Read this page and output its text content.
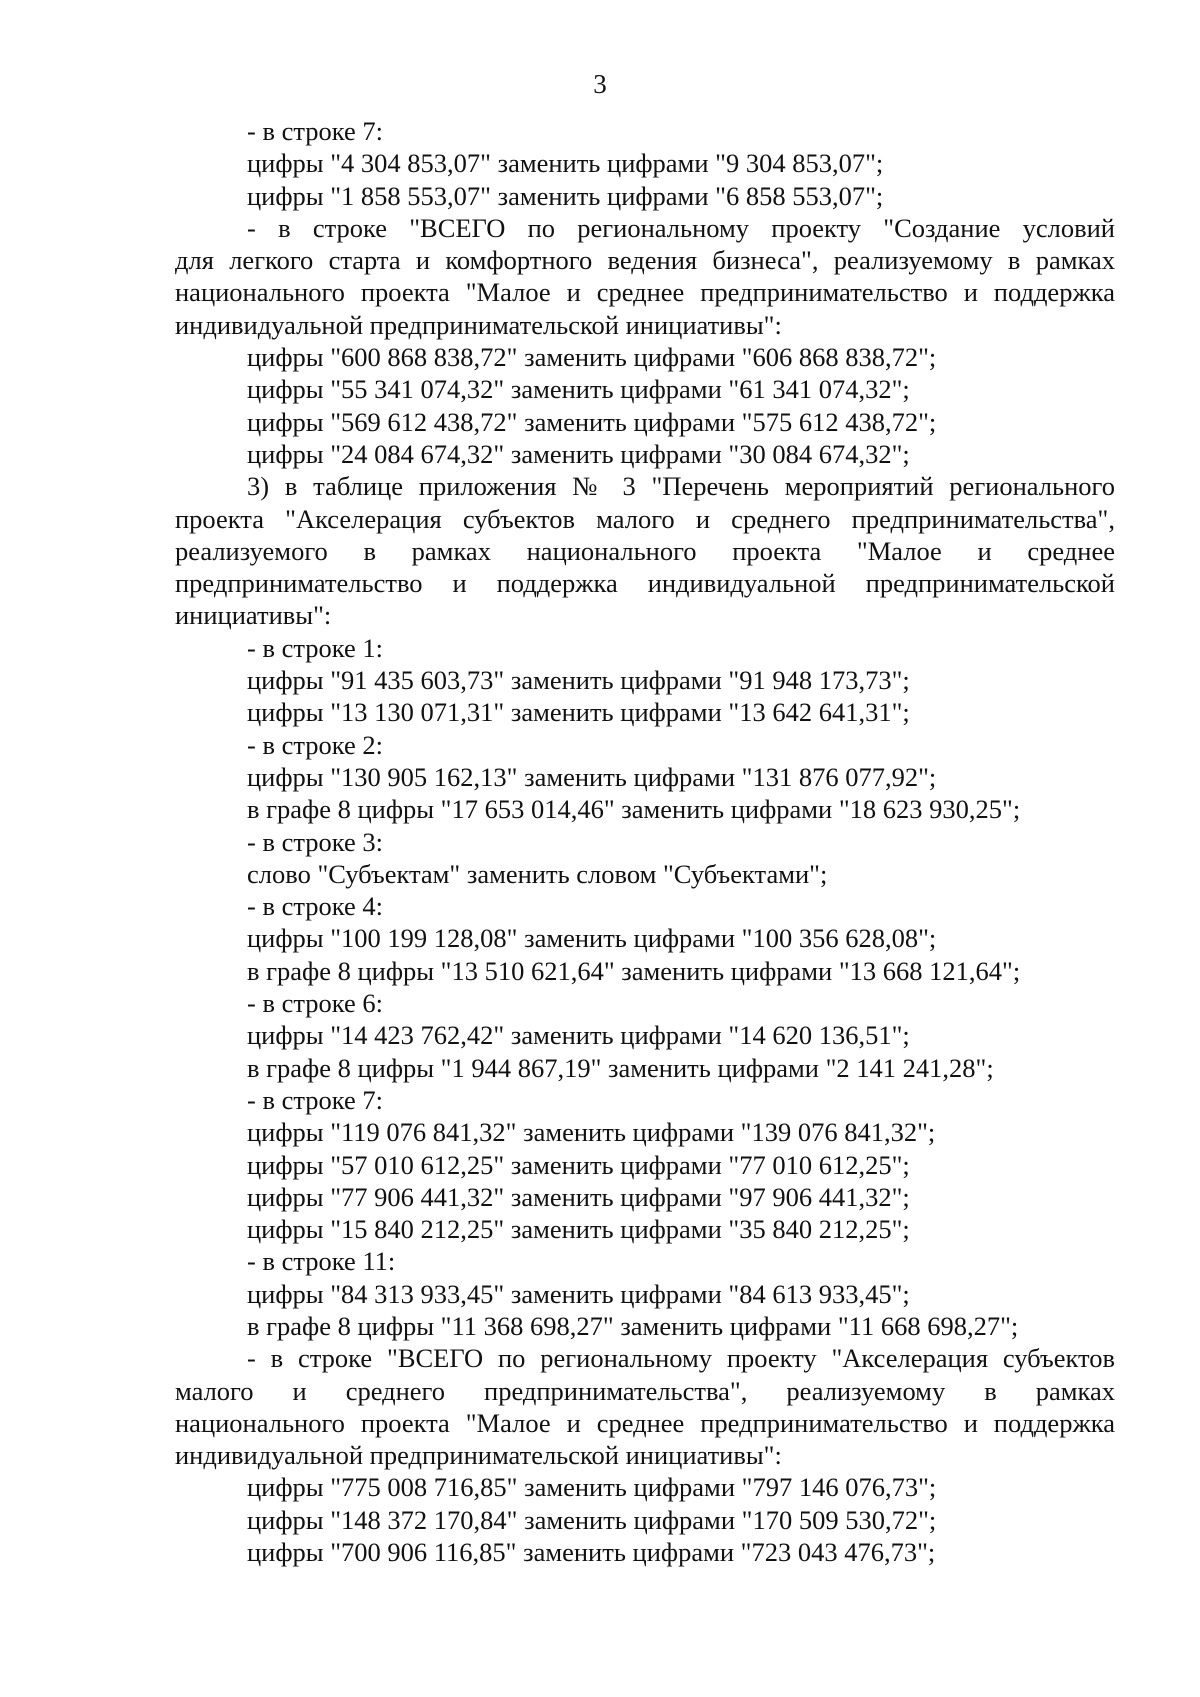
3
- в строке 7:
цифры "4 304 853,07" заменить цифрами "9 304 853,07";
цифры "1 858 553,07" заменить цифрами "6 858 553,07";
- в строке "ВСЕГО по региональному проекту "Создание условий
для легкого старта и комфортного ведения бизнеса", реализуемому в рамках
национального проекта "Малое и среднее предпринимательство и поддержка
индивидуальной предпринимательской инициативы":
цифры "600 868 838,72" заменить цифрами "606 868 838,72";
цифры "55 341 074,32" заменить цифрами "61 341 074,32";
цифры "569 612 438,72" заменить цифрами "575 612 438,72";
цифры "24 084 674,32" заменить цифрами "30 084 674,32";
3) в таблице приложения № 3 "Перечень мероприятий регионального
проекта "Акселерация субъектов малого и среднего предпринимательства",
реализуемого в рамках национального проекта "Малое и среднее
предпринимательство и поддержка индивидуальной предпринимательской
инициативы":
- в строке 1:
цифры "91 435 603,73" заменить цифрами "91 948 173,73";
цифры "13 130 071,31" заменить цифрами "13 642 641,31";
- в строке 2:
цифры "130 905 162,13" заменить цифрами "131 876 077,92";
в графе 8 цифры "17 653 014,46" заменить цифрами "18 623 930,25";
- в строке 3:
слово "Субъектам" заменить словом "Субъектами";
- в строке 4:
цифры "100 199 128,08" заменить цифрами "100 356 628,08";
в графе 8 цифры "13 510 621,64" заменить цифрами "13 668 121,64";
- в строке 6:
цифры "14 423 762,42" заменить цифрами "14 620 136,51";
в графе 8 цифры "1 944 867,19" заменить цифрами "2 141 241,28";
- в строке 7:
цифры "119 076 841,32" заменить цифрами "139 076 841,32";
цифры "57 010 612,25" заменить цифрами "77 010 612,25";
цифры "77 906 441,32" заменить цифрами "97 906 441,32";
цифры "15 840 212,25" заменить цифрами "35 840 212,25";
- в строке 11:
цифры "84 313 933,45" заменить цифрами "84 613 933,45";
в графе 8 цифры "11 368 698,27" заменить цифрами "11 668 698,27";
- в строке "ВСЕГО по региональному проекту "Акселерация субъектов
малого и среднего предпринимательства", реализуемому в рамках
национального проекта "Малое и среднее предпринимательство и поддержка
индивидуальной предпринимательской инициативы":
цифры "775 008 716,85" заменить цифрами "797 146 076,73";
цифры "148 372 170,84" заменить цифрами "170 509 530,72";
цифры "700 906 116,85" заменить цифрами "723 043 476,73";
